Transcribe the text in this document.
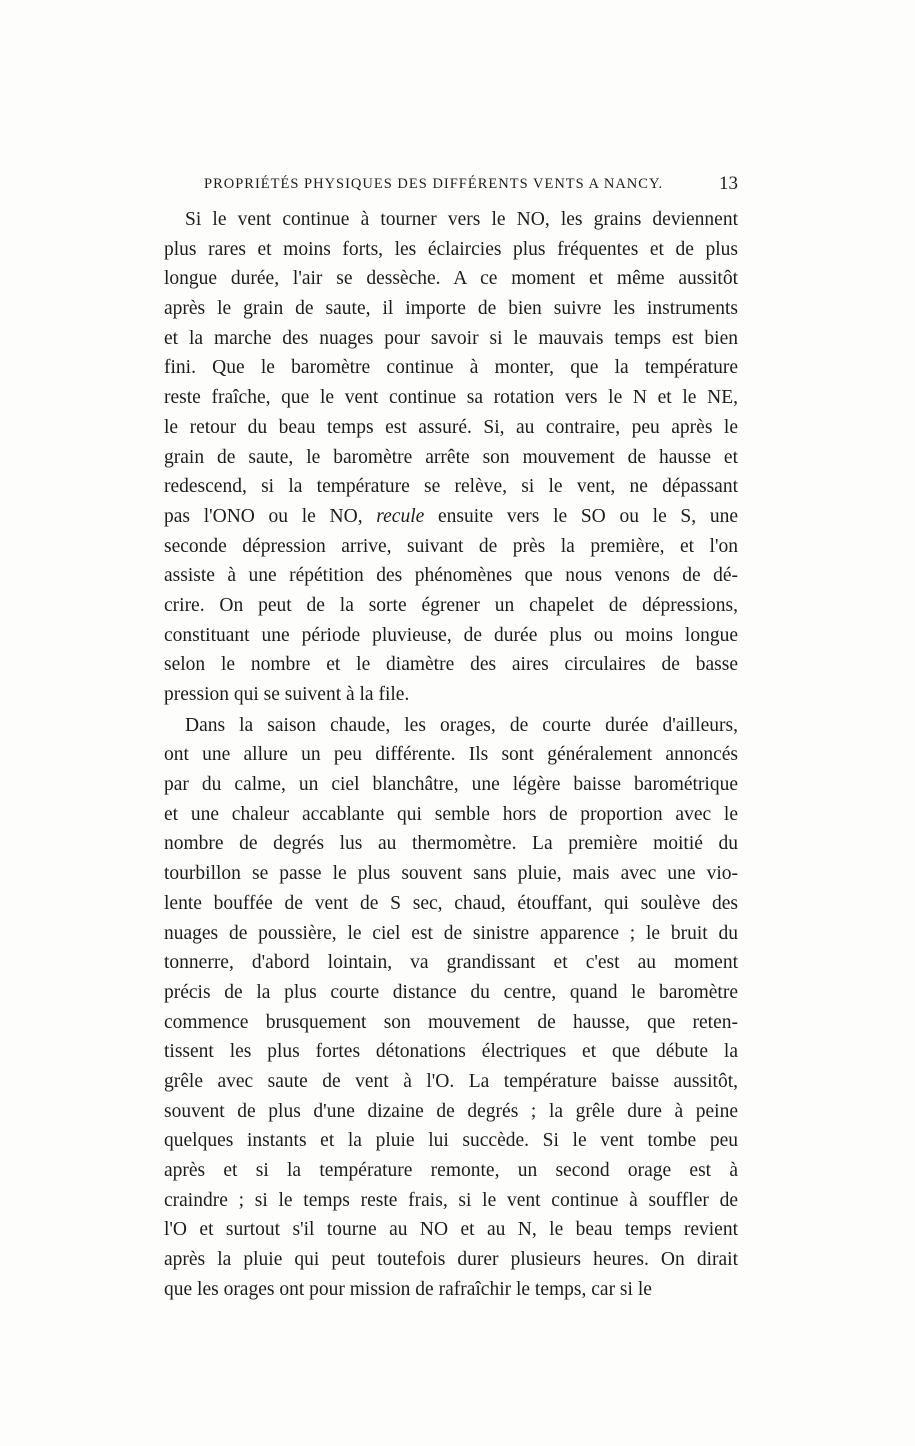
PROPRIÉTÉS PHYSIQUES DES DIFFÉRENTS VENTS A NANCY.	13
Si le vent continue à tourner vers le NO, les grains deviennent
plus rares et moins forts, les éclaircies plus fréquentes et de plus
longue durée, l'air se dessèche. A ce moment et même aussitôt
après le grain de saute, il importe de bien suivre les instruments
et la marche des nuages pour savoir si le mauvais temps est bien
fini. Que le baromètre continue à monter, que la température
reste fraîche, que le vent continue sa rotation vers le N et le NE,
le retour du beau temps est assuré. Si, au contraire, peu après le
grain de saute, le baromètre arrête son mouvement de hausse et
redescend, si la température se relève, si le vent, ne dépassant
pas l'ONO ou le NO, recule ensuite vers le SO ou le S, une
seconde dépression arrive, suivant de près la première, et l'on
assiste à une répétition des phénomènes que nous venons de dé-
crire. On peut de la sorte égrener un chapelet de dépressions,
constituant une période pluvieuse, de durée plus ou moins longue
selon le nombre et le diamètre des aires circulaires de basse
pression qui se suivent à la file.
Dans la saison chaude, les orages, de courte durée d'ailleurs,
ont une allure un peu différente. Ils sont généralement annoncés
par du calme, un ciel blanchâtre, une légère baisse barométrique
et une chaleur accablante qui semble hors de proportion avec le
nombre de degrés lus au thermomètre. La première moitié du
tourbillon se passe le plus souvent sans pluie, mais avec une vio-
lente bouffée de vent de S sec, chaud, étouffant, qui soulève des
nuages de poussière, le ciel est de sinistre apparence ; le bruit du
tonnerre, d'abord lointain, va grandissant et c'est au moment
précis de la plus courte distance du centre, quand le baromètre
commence brusquement son mouvement de hausse, que reten-
tissent les plus fortes détonations électriques et que débute la
grêle avec saute de vent à l'O. La température baisse aussitôt,
souvent de plus d'une dizaine de degrés ; la grêle dure à peine
quelques instants et la pluie lui succède. Si le vent tombe peu
après et si la température remonte, un second orage est à
craindre ; si le temps reste frais, si le vent continue à souffler de
l'O et surtout s'il tourne au NO et au N, le beau temps revient
après la pluie qui peut toutefois durer plusieurs heures. On dirait
que les orages ont pour mission de rafraîchir le temps, car si le
